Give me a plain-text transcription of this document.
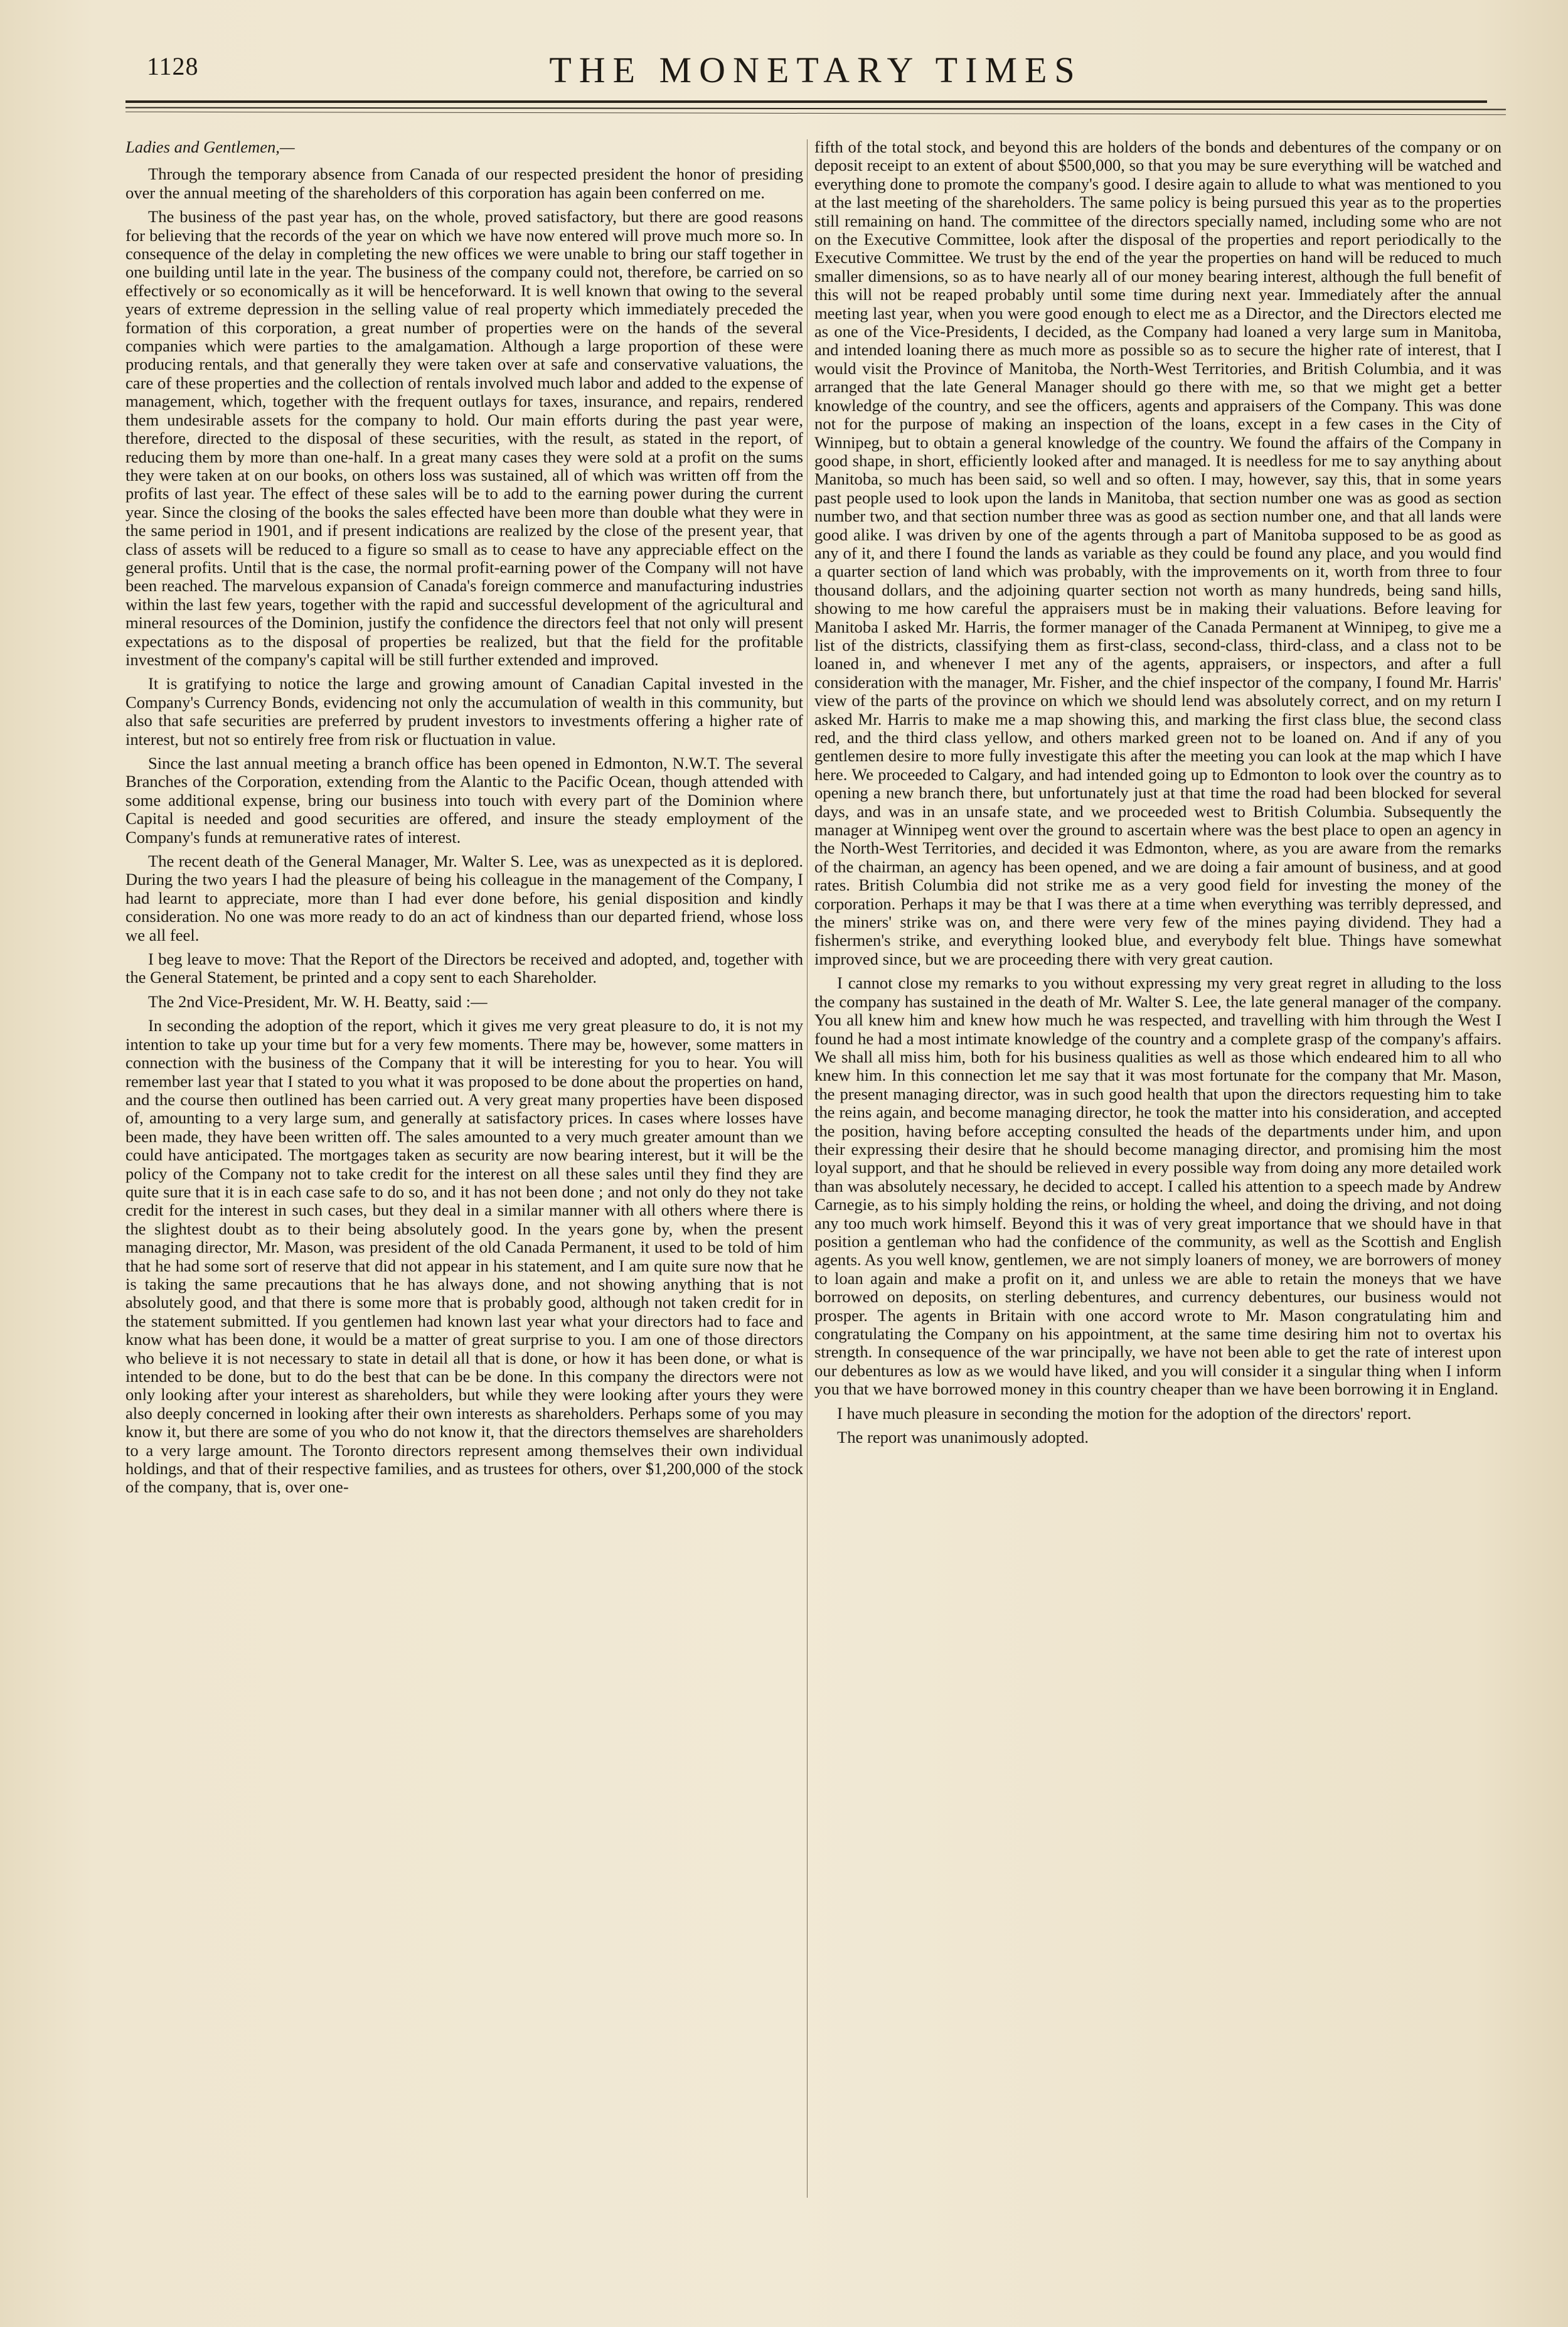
1128	THE MONETARY TIMES

Ladies and Gentlemen,—

Through the temporary absence from Canada of our respected president the honor of presiding over the annual meeting of the shareholders of this corporation has again been conferred on me.

The business of the past year has, on the whole, proved satisfactory, but there are good reasons for believing that the records of the year on which we have now entered will prove much more so. In consequence of the delay in completing the new offices we were unable to bring our staff together in one building until late in the year. The business of the company could not, therefore, be carried on so effectively or so economically as it will be henceforward. It is well known that owing to the several years of extreme depression in the selling value of real property which immediately preceded the formation of this corporation, a great number of properties were on the hands of the several companies which were parties to the amalgamation. Although a large proportion of these were producing rentals, and that generally they were taken over at safe and conservative valuations, the care of these properties and the collection of rentals involved much labor and added to the expense of management, which, together with the frequent outlays for taxes, insurance, and repairs, rendered them undesirable assets for the company to hold. Our main efforts during the past year were, therefore, directed to the disposal of these securities, with the result, as stated in the report, of reducing them by more than one-half. In a great many cases they were sold at a profit on the sums they were taken at on our books, on others loss was sustained, all of which was written off from the profits of last year. The effect of these sales will be to add to the earning power during the current year. Since the closing of the books the sales effected have been more than double what they were in the same period in 1901, and if present indications are realized by the close of the present year, that class of assets will be reduced to a figure so small as to cease to have any appreciable effect on the general profits. Until that is the case, the normal profit-earning power of the Company will not have been reached. The marvelous expansion of Canada's foreign commerce and manufacturing industries within the last few years, together with the rapid and successful development of the agricultural and mineral resources of the Dominion, justify the confidence the directors feel that not only will present expectations as to the disposal of properties be realized, but that the field for the profitable investment of the company's capital will be still further extended and improved.

It is gratifying to notice the large and growing amount of Canadian Capital invested in the Company's Currency Bonds, evidencing not only the accumulation of wealth in this community, but also that safe securities are preferred by prudent investors to investments offering a higher rate of interest, but not so entirely free from risk or fluctuation in value.

Since the last annual meeting a branch office has been opened in Edmonton, N.W.T. The several Branches of the Corporation, extending from the Alantic to the Pacific Ocean, though attended with some additional expense, bring our business into touch with every part of the Dominion where Capital is needed and good securities are offered, and insure the steady employment of the Company's funds at remunerative rates of interest.

The recent death of the General Manager, Mr. Walter S. Lee, was as unexpected as it is deplored. During the two years I had the pleasure of being his colleague in the management of the Company, I had learnt to appreciate, more than I had ever done before, his genial disposition and kindly consideration. No one was more ready to do an act of kindness than our departed friend, whose loss we all feel.

I beg leave to move: That the Report of the Directors be received and adopted, and, together with the General Statement, be printed and a copy sent to each Shareholder.

The 2nd Vice-President, Mr. W. H. Beatty, said :—

In seconding the adoption of the report, which it gives me very great pleasure to do, it is not my intention to take up your time but for a very few moments. There may be, however, some matters in connection with the business of the Company that it will be interesting for you to hear. You will remember last year that I stated to you what it was proposed to be done about the properties on hand, and the course then outlined has been carried out. A very great many properties have been disposed of, amounting to a very large sum, and generally at satisfactory prices. In cases where losses have been made, they have been written off. The sales amounted to a very much greater amount than we could have anticipated. The mortgages taken as security are now bearing interest, but it will be the policy of the Company not to take credit for the interest on all these sales until they find they are quite sure that it is in each case safe to do so, and it has not been done ; and not only do they not take credit for the interest in such cases, but they deal in a similar manner with all others where there is the slightest doubt as to their being absolutely good. In the years gone by, when the present managing director, Mr. Mason, was president of the old Canada Permanent, it used to be told of him that he had some sort of reserve that did not appear in his statement, and I am quite sure now that he is taking the same precautions that he has always done, and not showing anything that is not absolutely good, and that there is some more that is probably good, although not taken credit for in the statement submitted. If you gentlemen had known last year what your directors had to face and know what has been done, it would be a matter of great surprise to you. I am one of those directors who believe it is not necessary to state in detail all that is done, or how it has been done, or what is intended to be done, but to do the best that can be be done. In this company the directors were not only looking after your interest as shareholders, but while they were looking after yours they were also deeply concerned in looking after their own interests as shareholders. Perhaps some of you may know it, but there are some of you who do not know it, that the directors themselves are shareholders to a very large amount. The Toronto directors represent among themselves their own individual holdings, and that of their respective families, and as trustees for others, over $1,200,000 of the stock of the company, that is, over one-

fifth of the total stock, and beyond this are holders of the bonds and debentures of the company or on deposit receipt to an extent of about $500,000, so that you may be sure everything will be watched and everything done to promote the company's good. I desire again to allude to what was mentioned to you at the last meeting of the shareholders. The same policy is being pursued this year as to the properties still remaining on hand. The committee of the directors specially named, including some who are not on the Executive Committee, look after the disposal of the properties and report periodically to the Executive Committee. We trust by the end of the year the properties on hand will be reduced to much smaller dimensions, so as to have nearly all of our money bearing interest, although the full benefit of this will not be reaped probably until some time during next year. Immediately after the annual meeting last year, when you were good enough to elect me as a Director, and the Directors elected me as one of the Vice-Presidents, I decided, as the Company had loaned a very large sum in Manitoba, and intended loaning there as much more as possible so as to secure the higher rate of interest, that I would visit the Province of Manitoba, the North-West Territories, and British Columbia, and it was arranged that the late General Manager should go there with me, so that we might get a better knowledge of the country, and see the officers, agents and appraisers of the Company. This was done not for the purpose of making an inspection of the loans, except in a few cases in the City of Winnipeg, but to obtain a general knowledge of the country. We found the affairs of the Company in good shape, in short, efficiently looked after and managed. It is needless for me to say anything about Manitoba, so much has been said, so well and so often. I may, however, say this, that in some years past people used to look upon the lands in Manitoba, that section number one was as good as section number two, and that section number three was as good as section number one, and that all lands were good alike. I was driven by one of the agents through a part of Manitoba supposed to be as good as any of it, and there I found the lands as variable as they could be found any place, and you would find a quarter section of land which was probably, with the improvements on it, worth from three to four thousand dollars, and the adjoining quarter section not worth as many hundreds, being sand hills, showing to me how careful the appraisers must be in making their valuations. Before leaving for Manitoba I asked Mr. Harris, the former manager of the Canada Permanent at Winnipeg, to give me a list of the districts, classifying them as first-class, second-class, third-class, and a class not to be loaned in, and whenever I met any of the agents, appraisers, or inspectors, and after a full consideration with the manager, Mr. Fisher, and the chief inspector of the company, I found Mr. Harris' view of the parts of the province on which we should lend was absolutely correct, and on my return I asked Mr. Harris to make me a map showing this, and marking the first class blue, the second class red, and the third class yellow, and others marked green not to be loaned on. And if any of you gentlemen desire to more fully investigate this after the meeting you can look at the map which I have here. We proceeded to Calgary, and had intended going up to Edmonton to look over the country as to opening a new branch there, but unfortunately just at that time the road had been blocked for several days, and was in an unsafe state, and we proceeded west to British Columbia. Subsequently the manager at Winnipeg went over the ground to ascertain where was the best place to open an agency in the North-West Territories, and decided it was Edmonton, where, as you are aware from the remarks of the chairman, an agency has been opened, and we are doing a fair amount of business, and at good rates. British Columbia did not strike me as a very good field for investing the money of the corporation. Perhaps it may be that I was there at a time when everything was terribly depressed, and the miners' strike was on, and there were very few of the mines paying dividend. They had a fishermen's strike, and everything looked blue, and everybody felt blue. Things have somewhat improved since, but we are proceeding there with very great caution.

I cannot close my remarks to you without expressing my very great regret in alluding to the loss the company has sustained in the death of Mr. Walter S. Lee, the late general manager of the company. You all knew him and knew how much he was respected, and travelling with him through the West I found he had a most intimate knowledge of the country and a complete grasp of the company's affairs. We shall all miss him, both for his business qualities as well as those which endeared him to all who knew him. In this connection let me say that it was most fortunate for the company that Mr. Mason, the present managing director, was in such good health that upon the directors requesting him to take the reins again, and become managing director, he took the matter into his consideration, and accepted the position, having before accepting consulted the heads of the departments under him, and upon their expressing their desire that he should become managing director, and promising him the most loyal support, and that he should be relieved in every possible way from doing any more detailed work than was absolutely necessary, he decided to accept. I called his attention to a speech made by Andrew Carnegie, as to his simply holding the reins, or holding the wheel, and doing the driving, and not doing any too much work himself. Beyond this it was of very great importance that we should have in that position a gentleman who had the confidence of the community, as well as the Scottish and English agents. As you well know, gentlemen, we are not simply loaners of money, we are borrowers of money to loan again and make a profit on it, and unless we are able to retain the moneys that we have borrowed on deposits, on sterling debentures, and currency debentures, our business would not prosper. The agents in Britain with one accord wrote to Mr. Mason congratulating him and congratulating the Company on his appointment, at the same time desiring him not to overtax his strength. In consequence of the war principally, we have not been able to get the rate of interest upon our debentures as low as we would have liked, and you will consider it a singular thing when I inform you that we have borrowed money in this country cheaper than we have been borrowing it in England.

I have much pleasure in seconding the motion for the adoption of the directors' report.

The report was unanimously adopted.
